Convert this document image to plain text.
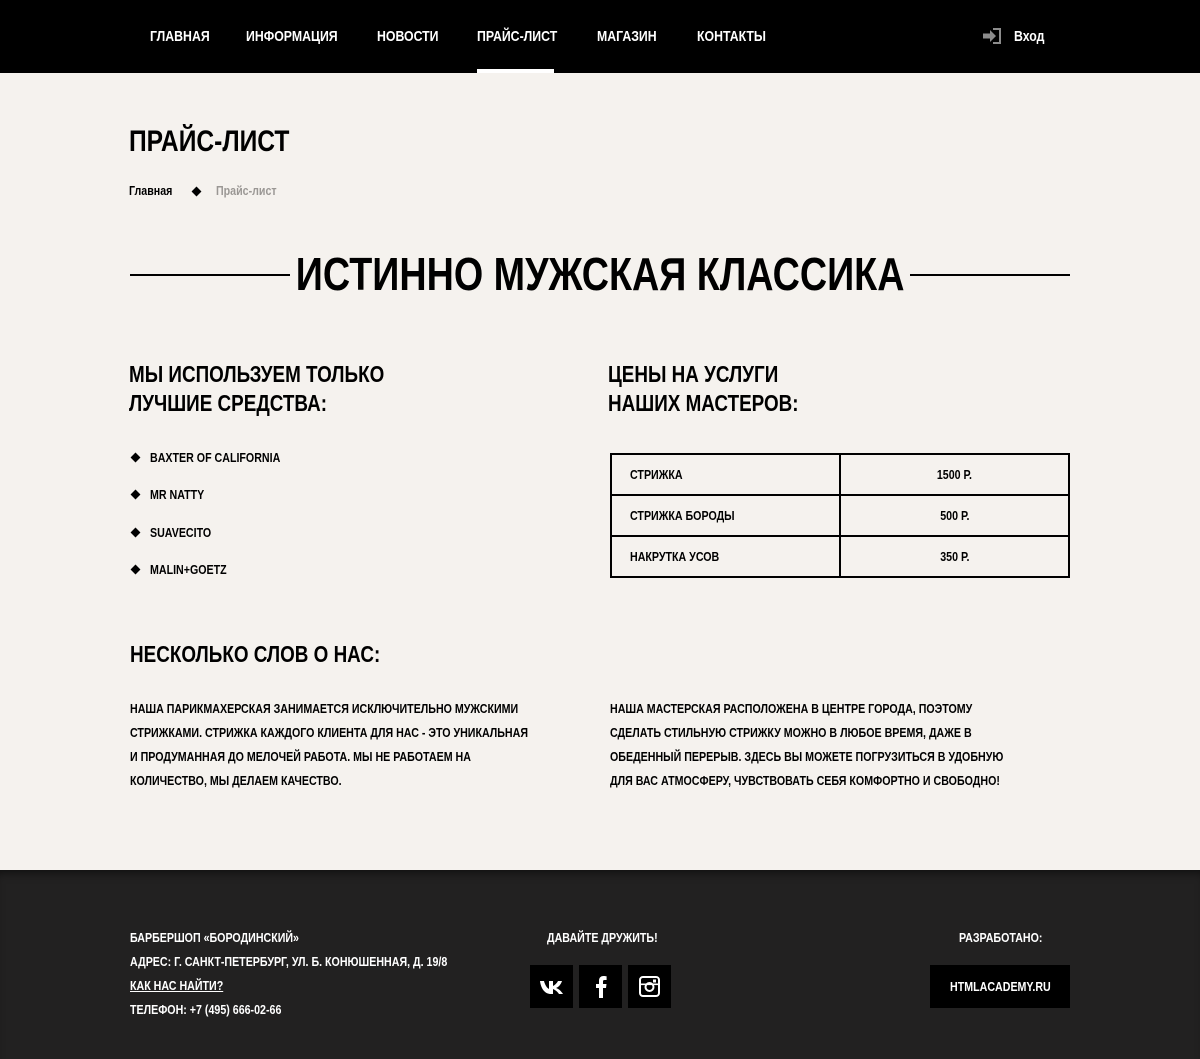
ГЛАВНАЯ	ИНФОРМАЦИЯ	НОВОСТИ	ПРАЙС-ЛИСТ	МАГАЗИН	КОНТАКТЫ	Вход
ПРАЙС-ЛИСТ
Главная	Прайс-лист
ИСТИННО МУЖСКАЯ КЛАССИКА
МЫ ИСПОЛЬЗУЕМ ТОЛЬКО
ЛУЧШИЕ СРЕДСТВА:
BAXTER OF CALIFORNIA
MR NATTY
SUAVECITO
MALIN+GOETZ
ЦЕНЫ НА УСЛУГИ
НАШИХ МАСТЕРОВ:
СТРИЖКА	1500 Р.
СТРИЖКА БОРОДЫ	500 Р.
НАКРУТКА УСОВ	350 Р.
НЕСКОЛЬКО СЛОВ О НАС:
НАША ПАРИКМАХЕРСКАЯ ЗАНИМАЕТСЯ ИСКЛЮЧИТЕЛЬНО МУЖСКИМИ
СТРИЖКАМИ. СТРИЖКА КАЖДОГО КЛИЕНТА ДЛЯ НАС - ЭТО УНИКАЛЬНАЯ
И ПРОДУМАННАЯ ДО МЕЛОЧЕЙ РАБОТА. МЫ НЕ РАБОТАЕМ НА
КОЛИЧЕСТВО, МЫ ДЕЛАЕМ КАЧЕСТВО.
НАША МАСТЕРСКАЯ РАСПОЛОЖЕНА В ЦЕНТРЕ ГОРОДА, ПОЭТОМУ
СДЕЛАТЬ СТИЛЬНУЮ СТРИЖКУ МОЖНО В ЛЮБОЕ ВРЕМЯ, ДАЖЕ В
ОБЕДЕННЫЙ ПЕРЕРЫВ. ЗДЕСЬ ВЫ МОЖЕТЕ ПОГРУЗИТЬСЯ В УДОБНУЮ
ДЛЯ ВАС АТМОСФЕРУ, ЧУВСТВОВАТЬ СЕБЯ КОМФОРТНО И СВОБОДНО!
БАРБЕРШОП «БОРОДИНСКИЙ»
АДРЕС: Г. САНКТ-ПЕТЕРБУРГ, УЛ. Б. КОНЮШЕННАЯ, Д. 19/8
КАК НАС НАЙТИ?
ТЕЛЕФОН: +7 (495) 666-02-66
ДАВАЙТЕ ДРУЖИТЬ!	РАЗРАБОТАНО:
HTMLACADEMY.RU
